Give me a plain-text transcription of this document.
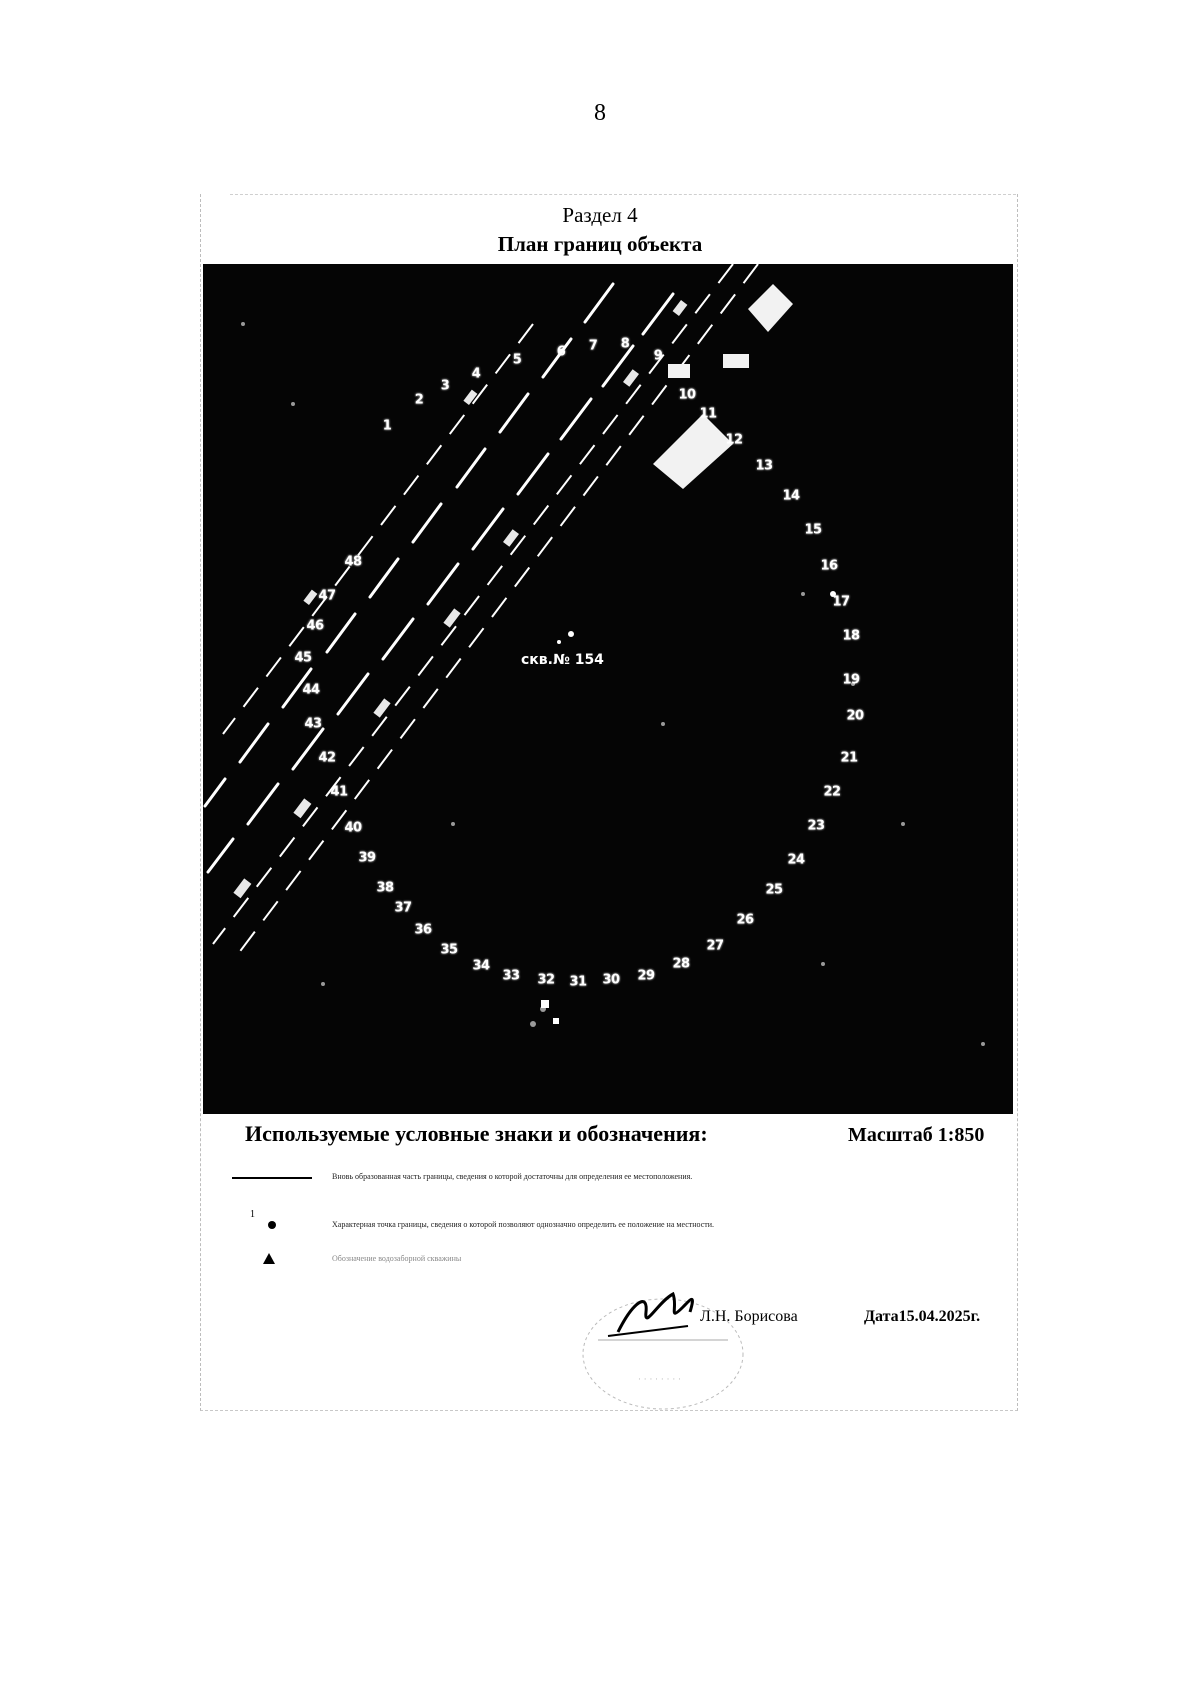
8
Раздел 4
План границ объекта
1
2
3
4
5
6 7 8
9
10
11
12
13
14
15
16
17
18
19
20
21
22
23
24
25
26
27
28
29
30
31
32
33
34
35
36
37
38
39
40
41
42
43
44
45
46
47
48
скв.№ 154
Используемые условные знаки и обозначения:	Масштаб 1:850
Вновь образованная часть границы, сведения о которой достаточны для определения ее местоположения.
1
Характерная точка границы, сведения о которой позволяют однозначно определить ее положение на местности.
Обозначение водозаборной скважины
· · · · · · · ·
Л.Н. Борисова	Дата15.04.2025г.
